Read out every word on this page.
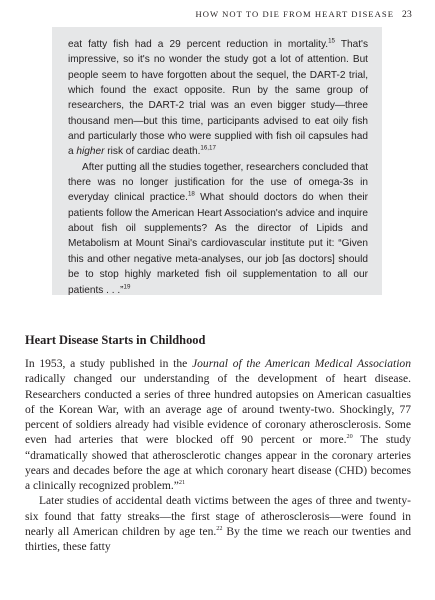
HOW NOT TO DIE FROM HEART DISEASE 23

eat fatty fish had a 29 percent reduction in mortality.$^{15}$ That's impressive, so it's no wonder the study got a lot of attention. But people seem to have forgotten about the sequel, the DART-2 trial, which found the exact opposite. Run by the same group of researchers, the DART-2 trial was an even bigger study—three thousand men—but this time, participants advised to eat oily fish and particularly those who were supplied with fish oil capsules had a higher risk of cardiac death.$^{16,17}$

After putting all the studies together, researchers concluded that there was no longer justification for the use of omega-3s in everyday clinical practice.$^{18}$ What should doctors do when their patients follow the American Heart Association's advice and inquire about fish oil supplements? As the director of Lipids and Metabolism at Mount Sinai's cardiovascular institute put it: “Given this and other negative meta-analyses, our job [as doctors] should be to stop highly marketed fish oil supplementation to all our patients . . .”$^{19}$

Heart Disease Starts in Childhood

In 1953, a study published in the Journal of the American Medical Association radically changed our understanding of the development of heart disease. Researchers conducted a series of three hundred autopsies on American casualties of the Korean War, with an average age of around twenty-two. Shockingly, 77 percent of soldiers already had visible evidence of coronary atherosclerosis. Some even had arteries that were blocked off 90 percent or more.$^{20}$ The study “dramatically showed that atherosclerotic changes appear in the coronary arteries years and decades before the age at which coronary heart disease (CHD) becomes a clinically recognized problem.”$^{21}$

Later studies of accidental death victims between the ages of three and twenty-six found that fatty streaks—the first stage of atherosclerosis—were found in nearly all American children by age ten.$^{22}$ By the time we reach our twenties and thirties, these fatty
